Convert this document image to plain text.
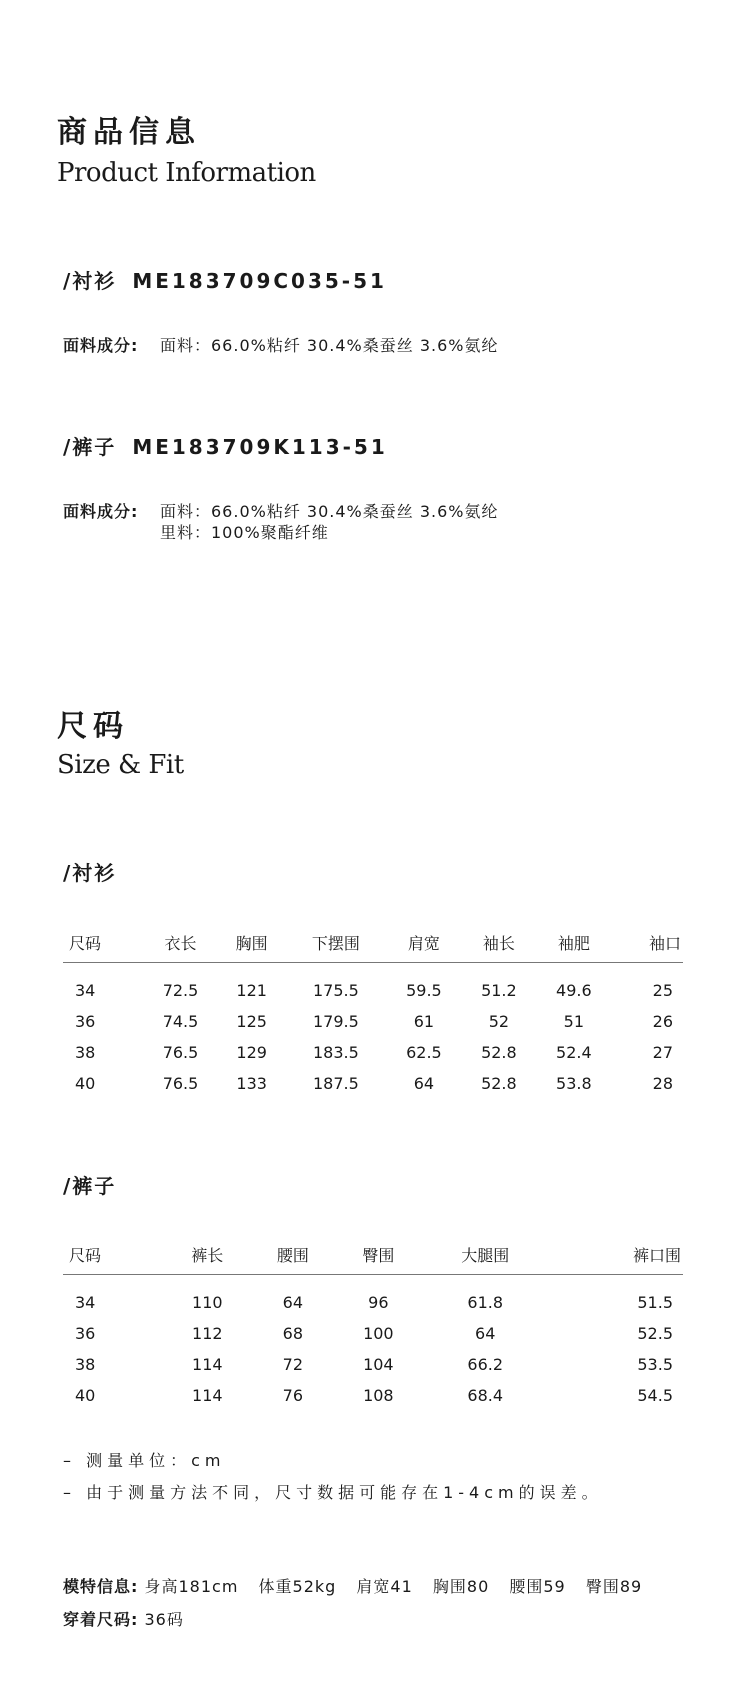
商品信息
Product Information
/衬衫 ME183709C035-51
面料成分: 面料：66.0%粘纤 30.4%桑蚕丝 3.6%氨纶
/裤子 ME183709K113-51
面料成分: 面料：66.0%粘纤 30.4%桑蚕丝 3.6%氨纶
里料：100%聚酯纤维
尺码
Size & Fit
/衬衫
尺码	衣长	胸围	下摆围	肩宽	袖长	袖肥	袖口
34	72.5	121	175.5	59.5	51.2	49.6	25
36	74.5	125	179.5	61	52	51	26
38	76.5	129	183.5	62.5	52.8	52.4	27
40	76.5	133	187.5	64	52.8	53.8	28
/裤子
尺码	裤长	腰围	臀围	大腿围	裤口围
34	110	64	96	61.8	51.5
36	112	68	100	64	52.5
38	114	72	104	66.2	53.5
40	114	76	108	68.4	54.5
– 测量单位：cm
– 由于测量方法不同，尺寸数据可能存在1-4cm的误差。
模特信息: 身高181cm 体重52kg 肩宽41 胸围80 腰围59 臀围89
穿着尺码: 36码
